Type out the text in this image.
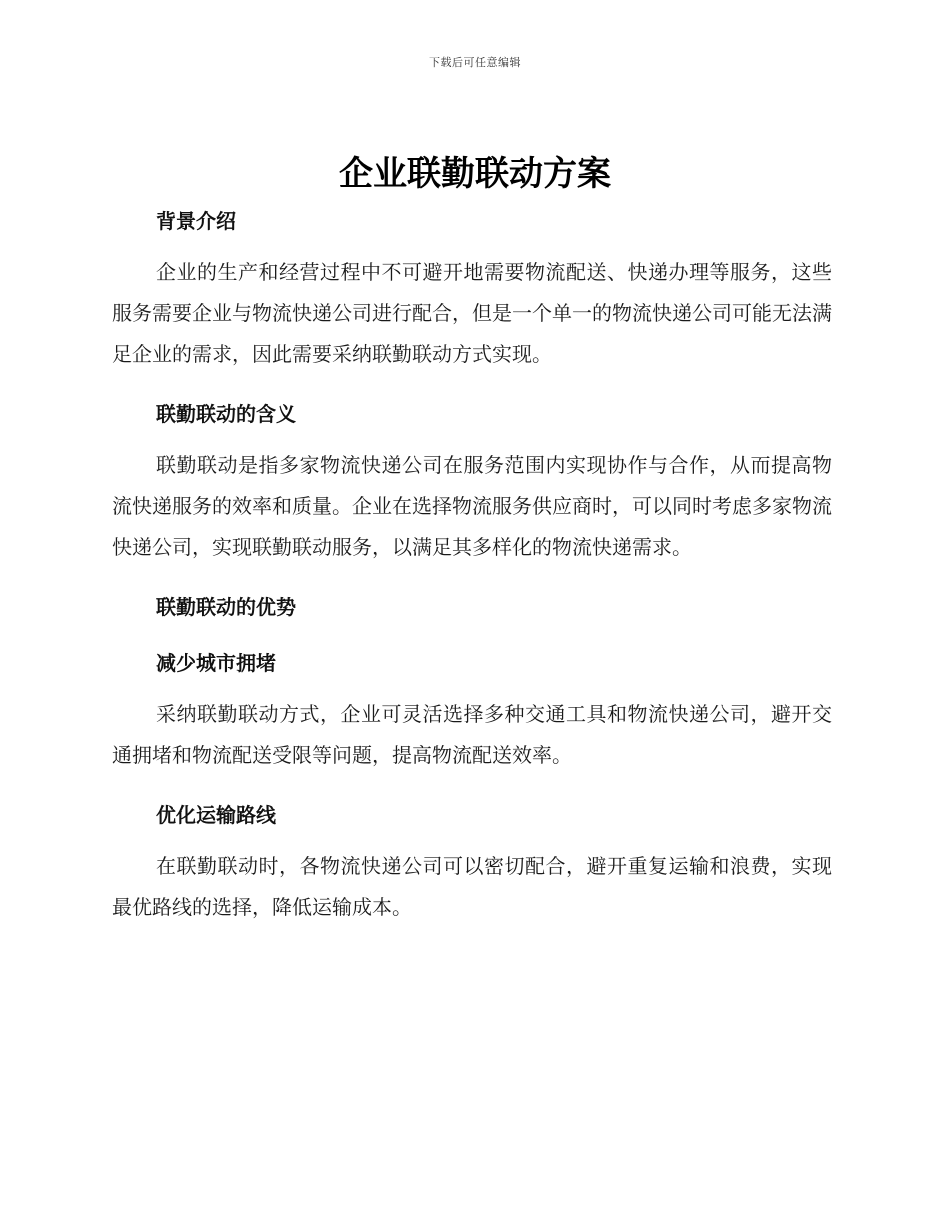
下载后可任意编辑
企业联勤联动方案
背景介绍

企业的生产和经营过程中不可避开地需要物流配送、快递办理等服务，这些服务需要企业与物流快递公司进行配合，但是一个单一的物流快递公司可能无法满足企业的需求，因此需要采纳联勤联动方式实现。

联勤联动的含义

联勤联动是指多家物流快递公司在服务范围内实现协作与合作，从而提高物流快递服务的效率和质量。企业在选择物流服务供应商时，可以同时考虑多家物流快递公司，实现联勤联动服务，以满足其多样化的物流快递需求。

联勤联动的优势
减少城市拥堵

采纳联勤联动方式，企业可灵活选择多种交通工具和物流快递公司，避开交通拥堵和物流配送受限等问题，提高物流配送效率。

优化运输路线

在联勤联动时，各物流快递公司可以密切配合，避开重复运输和浪费，实现最优路线的选择，降低运输成本。
